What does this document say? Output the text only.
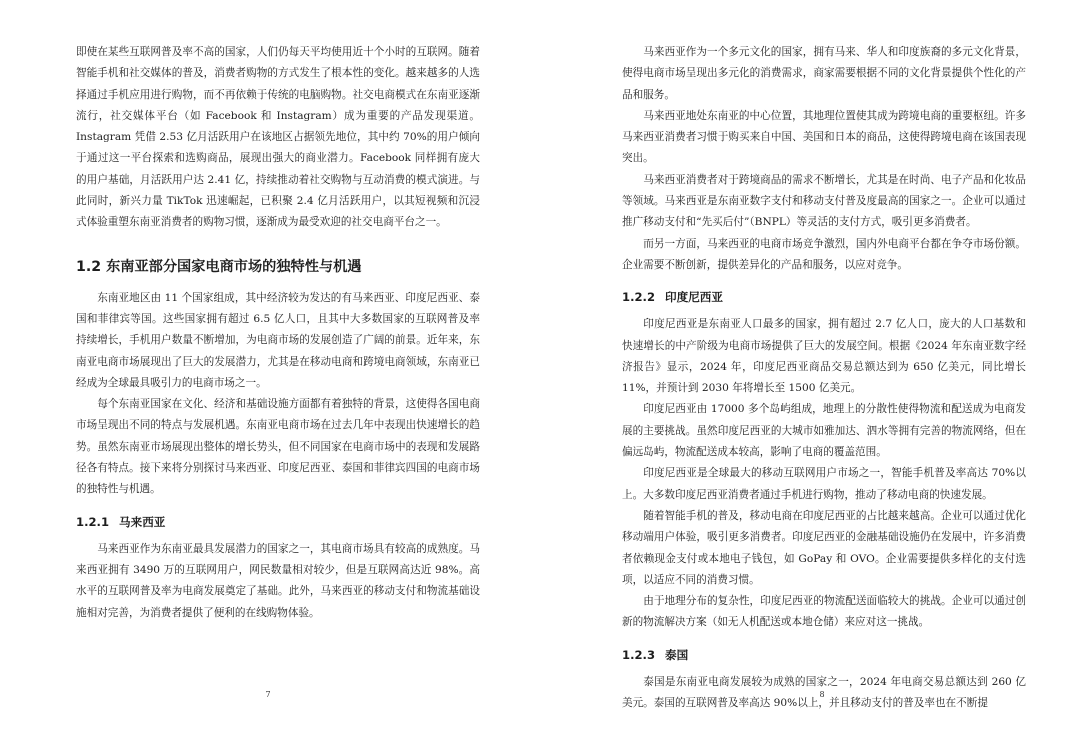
即使在某些互联网普及率不高的国家，人们仍每天平均使用近十个小时的互联网。随着智能手机和社交媒体的普及，消费者购物的方式发生了根本性的变化。越来越多的人选择通过手机应用进行购物，而不再依赖于传统的电脑购物。社交电商模式在东南亚逐渐流行，社交媒体平台（如 Facebook 和 Instagram）成为重要的产品发现渠道。Instagram 凭借 2.53 亿月活跃用户在该地区占据领先地位，其中约 70%的用户倾向于通过这一平台探索和选购商品，展现出强大的商业潜力。Facebook 同样拥有庞大的用户基础，月活跃用户达 2.41 亿，持续推动着社交购物与互动消费的模式演进。与此同时，新兴力量 TikTok 迅速崛起，已积聚 2.4 亿月活跃用户，以其短视频和沉浸式体验重塑东南亚消费者的购物习惯，逐渐成为最受欢迎的社交电商平台之一。

1.2 东南亚部分国家电商市场的独特性与机遇

东南亚地区由 11 个国家组成，其中经济较为发达的有马来西亚、印度尼西亚、泰国和菲律宾等国。这些国家拥有超过 6.5 亿人口，且其中大多数国家的互联网普及率持续增长，手机用户数量不断增加，为电商市场的发展创造了广阔的前景。近年来，东南亚电商市场展现出了巨大的发展潜力，尤其是在移动电商和跨境电商领域，东南亚已经成为全球最具吸引力的电商市场之一。

每个东南亚国家在文化、经济和基础设施方面都有着独特的背景，这使得各国电商市场呈现出不同的特点与发展机遇。东南亚电商市场在过去几年中表现出快速增长的趋势。虽然东南亚市场展现出整体的增长势头，但不同国家在电商市场中的表现和发展路径各有特点。接下来将分别探讨马来西亚、印度尼西亚、泰国和菲律宾四国的电商市场的独特性与机遇。

1.2.1 马来西亚

马来西亚作为东南亚最具发展潜力的国家之一，其电商市场具有较高的成熟度。马来西亚拥有 3490 万的互联网用户，网民数量相对较少，但是互联网高达近 98%。高水平的互联网普及率为电商发展奠定了基础。此外，马来西亚的移动支付和物流基础设施相对完善，为消费者提供了便利的在线购物体验。

7

马来西亚作为一个多元文化的国家，拥有马来、华人和印度族裔的多元文化背景，使得电商市场呈现出多元化的消费需求，商家需要根据不同的文化背景提供个性化的产品和服务。

马来西亚地处东南亚的中心位置，其地理位置使其成为跨境电商的重要枢纽。许多马来西亚消费者习惯于购买来自中国、美国和日本的商品，这使得跨境电商在该国表现突出。

马来西亚消费者对于跨境商品的需求不断增长，尤其是在时尚、电子产品和化妆品等领域。马来西亚是东南亚数字支付和移动支付普及度最高的国家之一。企业可以通过推广移动支付和“先买后付”（BNPL）等灵活的支付方式，吸引更多消费者。

而另一方面，马来西亚的电商市场竞争激烈，国内外电商平台都在争夺市场份额。企业需要不断创新，提供差异化的产品和服务，以应对竞争。

1.2.2 印度尼西亚

印度尼西亚是东南亚人口最多的国家，拥有超过 2.7 亿人口，庞大的人口基数和快速增长的中产阶级为电商市场提供了巨大的发展空间。根据《2024 年东南亚数字经济报告》显示，2024 年，印度尼西亚商品交易总额达到为 650 亿美元，同比增长 11%，并预计到 2030 年将增长至 1500 亿美元。

印度尼西亚由 17000 多个岛屿组成，地理上的分散性使得物流和配送成为电商发展的主要挑战。虽然印度尼西亚的大城市如雅加达、泗水等拥有完善的物流网络，但在偏远岛屿，物流配送成本较高，影响了电商的覆盖范围。

印度尼西亚是全球最大的移动互联网用户市场之一，智能手机普及率高达 70%以上。大多数印度尼西亚消费者通过手机进行购物，推动了移动电商的快速发展。

随着智能手机的普及，移动电商在印度尼西亚的占比越来越高。企业可以通过优化移动端用户体验，吸引更多消费者。印度尼西亚的金融基础设施仍在发展中，许多消费者依赖现金支付或本地电子钱包，如 GoPay 和 OVO。企业需要提供多样化的支付选项，以适应不同的消费习惯。

由于地理分布的复杂性，印度尼西亚的物流配送面临较大的挑战。企业可以通过创新的物流解决方案（如无人机配送或本地仓储）来应对这一挑战。

1.2.3 泰国

泰国是东南亚电商发展较为成熟的国家之一，2024 年电商交易总额达到 260 亿美元。泰国的互联网普及率高达 90%以上，并且移动支付的普及率也在不断提

8
